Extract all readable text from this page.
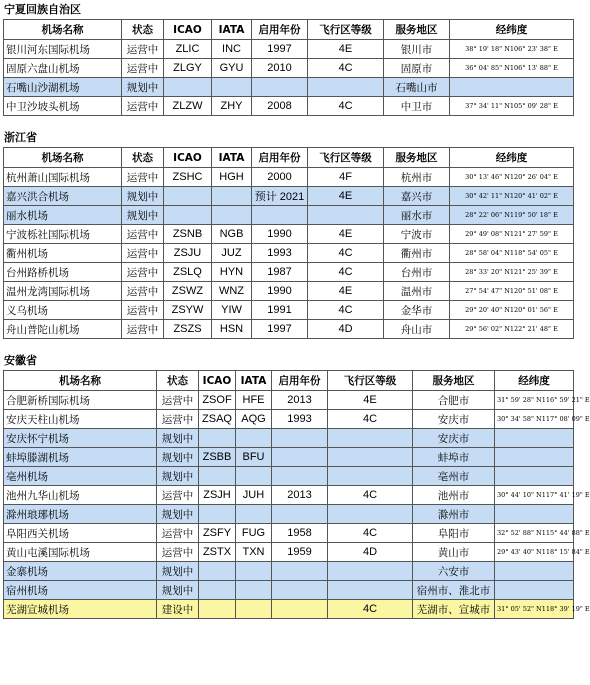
宁夏回族自治区
机场名称	状态	ICAO	IATA	启用年份	飞行区等级	服务地区	经纬度
银川河东国际机场	运营中	ZLIC	INC	1997	4E	银川市	38° 19' 18" N106° 23' 38" E
固原六盘山机场	运营中	ZLGY	GYU	2010	4C	固原市	36° 04' 85" N106° 13' 88" E
石嘴山沙湖机场	规划中					石嘴山市	
中卫沙坡头机场	运营中	ZLZW	ZHY	2008	4C	中卫市	37° 34' 11" N105° 09' 28" E
浙江省
机场名称	状态	ICAO	IATA	启用年份	飞行区等级	服务地区	经纬度
杭州萧山国际机场	运营中	ZSHC	HGH	2000	4F	杭州市	30° 13' 46" N120° 26' 04" E
嘉兴洪合机场	规划中			预计 2021	4E	嘉兴市	30° 42' 11" N120° 41' 02" E
丽水机场	规划中					丽水市	28° 22' 06" N119° 50' 18" E
宁波栎社国际机场	运营中	ZSNB	NGB	1990	4E	宁波市	29° 49' 08" N121° 27' 59" E
衢州机场	运营中	ZSJU	JUZ	1993	4C	衢州市	28° 58' 04" N118° 54' 05" E
台州路桥机场	运营中	ZSLQ	HYN	1987	4C	台州市	28° 33' 20" N121° 25' 39" E
温州龙湾国际机场	运营中	ZSWZ	WNZ	1990	4E	温州市	27° 54' 47" N120° 51' 08" E
义乌机场	运营中	ZSYW	YIW	1991	4C	金华市	29° 20' 40" N120° 01' 56" E
舟山普陀山机场	运营中	ZSZS	HSN	1997	4D	舟山市	29° 56' 02" N122° 21' 48" E
安徽省
机场名称	状态	ICAO	IATA	启用年份	飞行区等级	服务地区	经纬度
合肥新桥国际机场	运营中	ZSOF	HFE	2013	4E	合肥市	31° 59' 28" N116° 59' 21" E
安庆天柱山机场	运营中	ZSAQ	AQG	1993	4C	安庆市	30° 34' 58" N117° 08' 09" E
安庆怀宁机场	规划中					安庆市	
蚌埠滕湖机场	规划中	ZSBB	BFU			蚌埠市	
亳州机场	规划中					亳州市	
池州九华山机场	运营中	ZSJH	JUH	2013	4C	池州市	30° 44' 10" N117° 41' 19" E
滁州琅琊机场	规划中					滁州市	
阜阳西关机场	运营中	ZSFY	FUG	1958	4C	阜阳市	32° 52' 88" N115° 44' 88" E
黄山屯溪国际机场	运营中	ZSTX	TXN	1959	4D	黄山市	29° 43' 40" N118° 15' 84" E
金寨机场	规划中					六安市	
宿州机场	规划中					宿州市、淮北市	
芜湖宣城机场	建设中				4C	芜湖市、宣城市	31° 05' 52" N118° 39' 19" E
